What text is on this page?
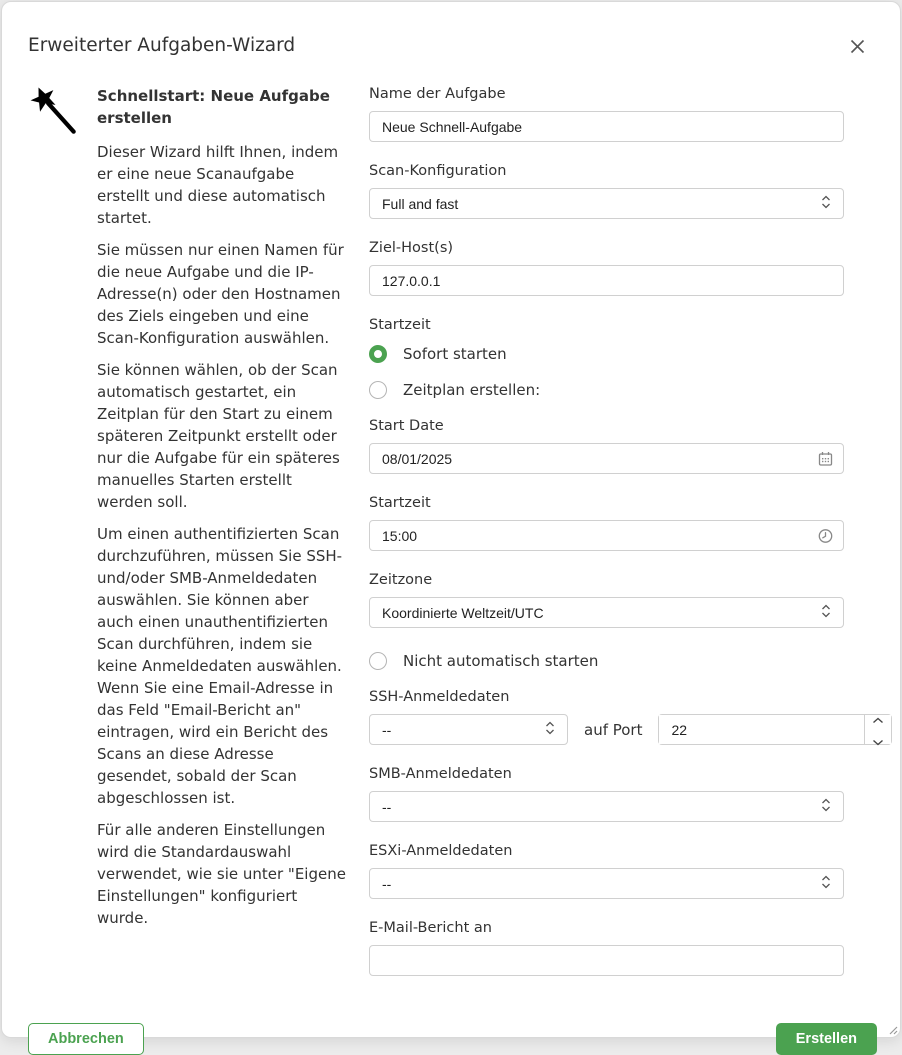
Erweiterter Aufgaben-Wizard
Schnellstart: Neue Aufgabe erstellen

Dieser Wizard hilft Ihnen, indem er eine neue Scanaufgabe erstellt und diese automatisch startet.

Sie müssen nur einen Namen für die neue Aufgabe und die IP-Adresse(n) oder den Hostnamen des Ziels eingeben und eine Scan-Konfiguration auswählen.

Sie können wählen, ob der Scan automatisch gestartet, ein Zeitplan für den Start zu einem späteren Zeitpunkt erstellt oder nur die Aufgabe für ein späteres manuelles Starten erstellt werden soll.

Um einen authentifizierten Scan durchzuführen, müssen Sie SSH- und/oder SMB-Anmeldedaten auswählen. Sie können aber auch einen unauthentifizierten Scan durchführen, indem sie keine Anmeldedaten auswählen.

Wenn Sie eine Email-Adresse in das Feld "Email-Bericht an" eintragen, wird ein Bericht des Scans an diese Adresse gesendet, sobald der Scan abgeschlossen ist.

Für alle anderen Einstellungen wird die Standardauswahl verwendet, wie sie unter "Eigene Einstellungen" konfiguriert wurde.

Name der Aufgabe
Neue Schnell-Aufgabe
Scan-Konfiguration
Full and fast
Ziel-Host(s)
127.0.0.1
Startzeit
Sofort starten
Zeitplan erstellen:
Start Date
08/01/2025
Startzeit
15:00
Zeitzone
Koordinierte Weltzeit/UTC
Nicht automatisch starten
SSH-Anmeldedaten
--	auf Port
22
SMB-Anmeldedaten
--
ESXi-Anmeldedaten
--
E-Mail-Bericht an
Abbrechen	Erstellen
